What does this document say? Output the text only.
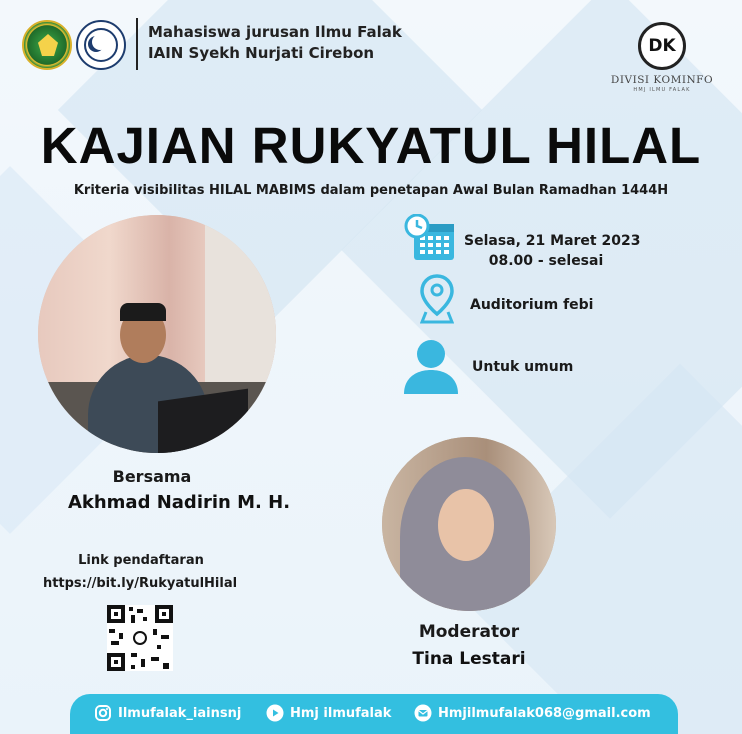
Mahasiswa jurusan Ilmu Falak
IAIN Syekh Nurjati Cirebon	DK
DIVISI KOMINFO
HMJ ILMU FALAK
KAJIAN RUKYATUL HILAL
Kriteria visibilitas HILAL MABIMS dalam penetapan Awal Bulan Ramadhan 1444H
Selasa, 21 Maret 2023
08.00 - selesai
Auditorium febi
Untuk umum
Bersama
Akhmad Nadirin M. H.
Link pendaftaran
https://bit.ly/RukyatulHilal
Moderator
Tina Lestari
Ilmufalak_iainsnj	Hmj ilmufalak	Hmjilmufalak068@gmail.com
